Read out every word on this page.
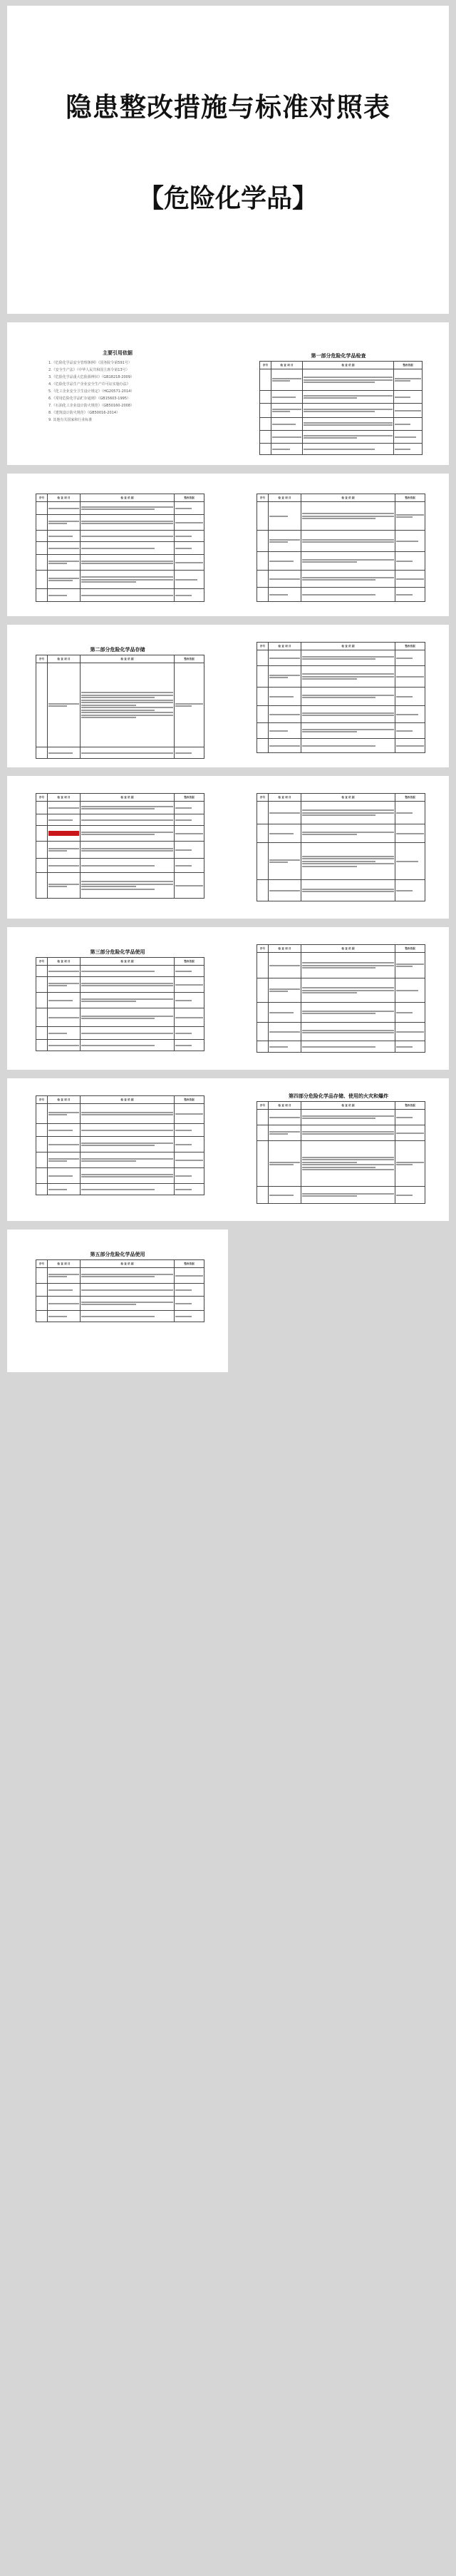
隐患整改措施与标准对照表
【危险化学品】
主要引用依据
1.《危险化学品安全管理条例》（国务院令第591号）
2.《安全生产法》（中华人民共和国主席令第13号）
3.《危险化学品重大危险源辨识》（GB18218-2009）
4.《危险化学品生产企业安全生产许可证实施办法》
5.《化工企业安全卫生设计规定》（HG20571-2014）
6.《常用危险化学品贮存通则》（GB15603-1995）
7.《石油化工企业设计防火规范》（GB50160-2008）
8.《建筑设计防火规范》（GB50016-2014）
9. 其他有关国家和行业标准
第一部分危险化学品检查
序号	检 查 项 目	检 查 依 据	整改依据

序号	检 查 项 目	检 查 依 据	整改依据

		序号	检 查 项 目	检 查 依 据	整改依据

第二部分危险化学品存储
序号	检 查 项 目	检 查 依 据	整改依据

序号	检 查 项 目	检 查 依 据	整改依据

序号	检 查 项 目	检 查 依 据	整改依据

		序号	检 查 项 目	检 查 依 据	整改依据

第三部分危险化学品使用
序号	检 查 项 目	检 查 依 据	整改依据

序号	检 查 项 目	检 查 依 据	整改依据

序号	检 查 项 目	检 查 依 据	整改依据

第四部分危险化学品存储、使用的火灾和爆炸
序号	检 查 项 目	检 查 依 据	整改依据

第五部分危险化学品使用
序号	检 查 项 目	检 查 依 据	整改依据
